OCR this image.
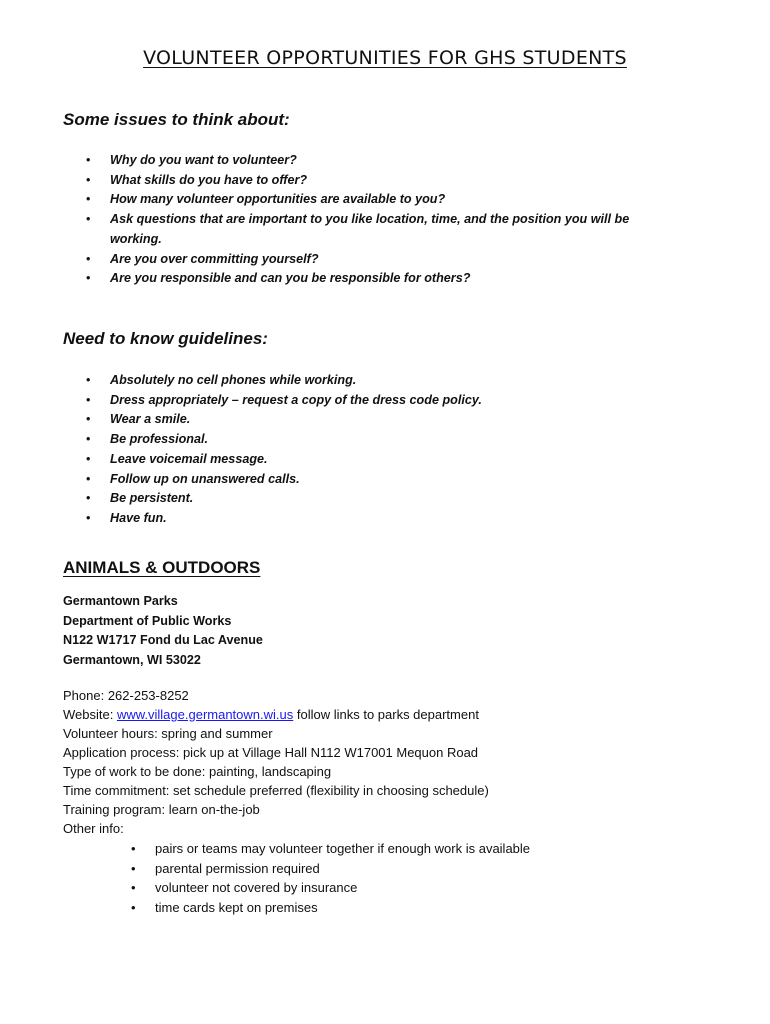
VOLUNTEER OPPORTUNITIES FOR GHS STUDENTS
Some issues to think about:
• Why do you want to volunteer?
• What skills do you have to offer?
• How many volunteer opportunities are available to you?
• Ask questions that are important to you like location, time, and the position you will be working.
• Are you over committing yourself?
• Are you responsible and can you be responsible for others?
Need to know guidelines:
• Absolutely no cell phones while working.
• Dress appropriately – request a copy of the dress code policy.
• Wear a smile.
• Be professional.
• Leave voicemail message.
• Follow up on unanswered calls.
• Be persistent.
• Have fun.
ANIMALS & OUTDOORS
Germantown Parks
Department of Public Works
N122 W1717 Fond du Lac Avenue
Germantown, WI 53022
Phone: 262-253-8252
Website: www.village.germantown.wi.us follow links to parks department
Volunteer hours: spring and summer
Application process: pick up at Village Hall N112 W17001 Mequon Road
Type of work to be done: painting, landscaping
Time commitment: set schedule preferred (flexibility in choosing schedule)
Training program: learn on-the-job
Other info:
• pairs or teams may volunteer together if enough work is available
• parental permission required
• volunteer not covered by insurance
• time cards kept on premises
